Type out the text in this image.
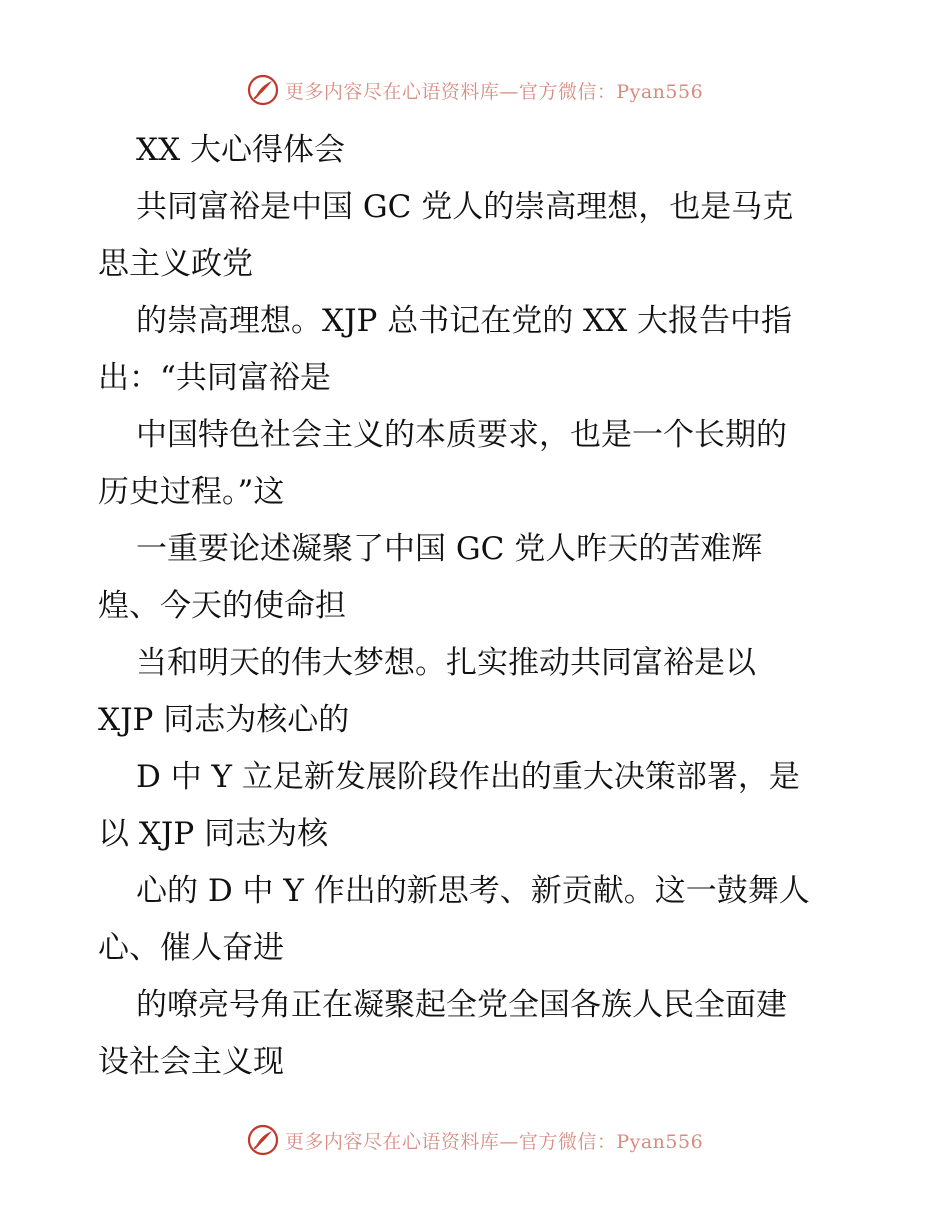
更多内容尽在心语资料库—官方微信：Pyan556
XX 大心得体会
共同富裕是中国 GC 党人的崇高理想，也是马克
思主义政党
的崇高理想。XJP 总书记在党的 XX 大报告中指
出：“共同富裕是
中国特色社会主义的本质要求，也是一个长期的
历史过程。”这
一重要论述凝聚了中国 GC 党人昨天的苦难辉
煌、今天的使命担
当和明天的伟大梦想。扎实推动共同富裕是以
XJP 同志为核心的
D 中 Y 立足新发展阶段作出的重大决策部署，是
以 XJP 同志为核
心的 D 中 Y 作出的新思考、新贡献。这一鼓舞人
心、催人奋进
的嘹亮号角正在凝聚起全党全国各族人民全面建
设社会主义现
更多内容尽在心语资料库—官方微信：Pyan556
